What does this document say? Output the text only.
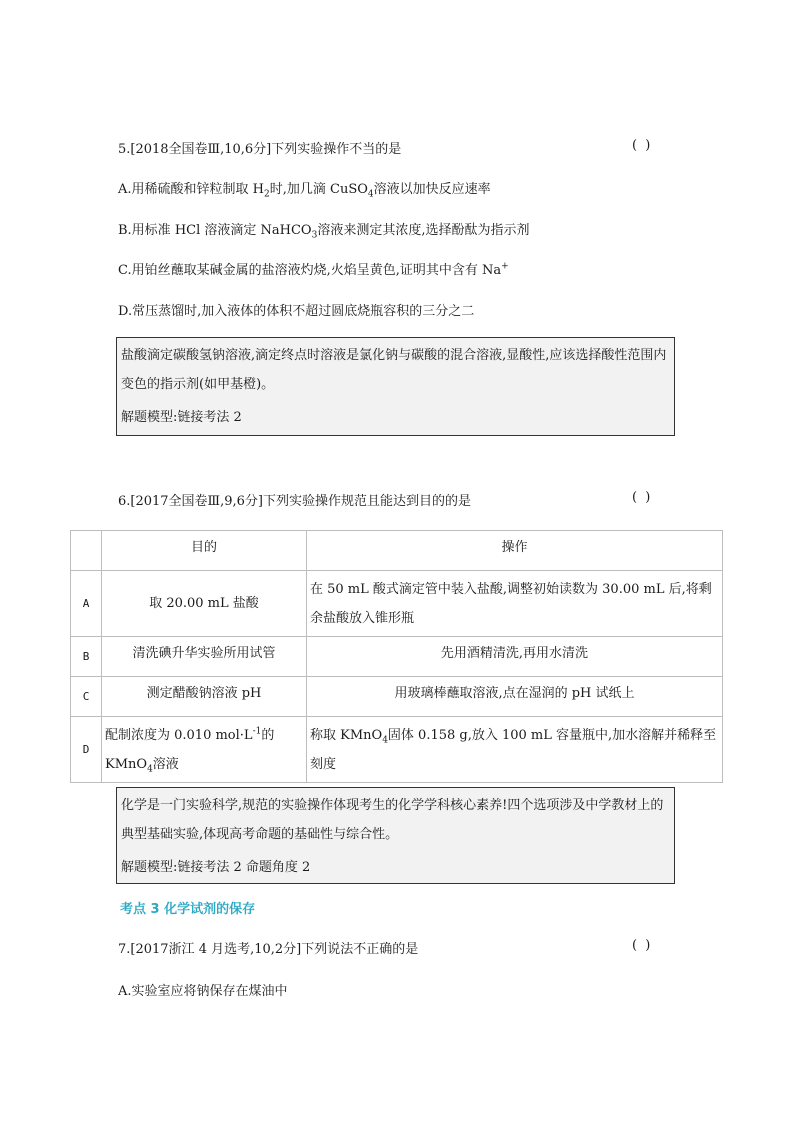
5.[2018全国卷Ⅲ,10,6分]下列实验操作不当的是	( )
A.用稀硫酸和锌粒制取 $H_2$时,加几滴 CuSO$_4$溶液以加快反应速率
B.用标准 HCl 溶液滴定 NaHCO$_3$溶液来测定其浓度,选择酚酞为指示剂
C.用铂丝蘸取某碱金属的盐溶液灼烧,火焰呈黄色,证明其中含有 Na+
D.常压蒸馏时,加入液体的体积不超过圆底烧瓶容积的三分之二

盐酸滴定碳酸氢钠溶液,滴定终点时溶液是氯化钠与碳酸的混合溶液,显酸性,应该选择酸性范围内变色的指示剂(如甲基橙)。

解题模型:链接考法 2

6.[2017全国卷Ⅲ,9,6分]下列实验操作规范且能达到目的的是	( )
	目的	操作
A	取 20.00 mL 盐酸	在 50 mL 酸式滴定管中装入盐酸,调整初始读数为 30.00 mL 后,将剩余盐酸放入锥形瓶
B	清洗碘升华实验所用试管	先用酒精清洗,再用水清洗
C	测定醋酸钠溶液 pH	用玻璃棒蘸取溶液,点在湿润的 pH 试纸上
D	配制浓度为 0.010 $mol\cdot L^{-1}$的 KMnO$_4$溶液	称取 KMnO$_4$固体 0.158 g,放入 100 mL 容量瓶中,加水溶解并稀释至刻度

化学是一门实验科学,规范的实验操作体现考生的化学学科核心素养!四个选项涉及中学教材上的典型基础实验,体现高考命题的基础性与综合性。

解题模型:链接考法 2 命题角度 2

考点 3 化学试剂的保存
7.[2017浙江 4 月选考,10,2分]下列说法不正确的是	( )
A.实验室应将钠保存在煤油中
